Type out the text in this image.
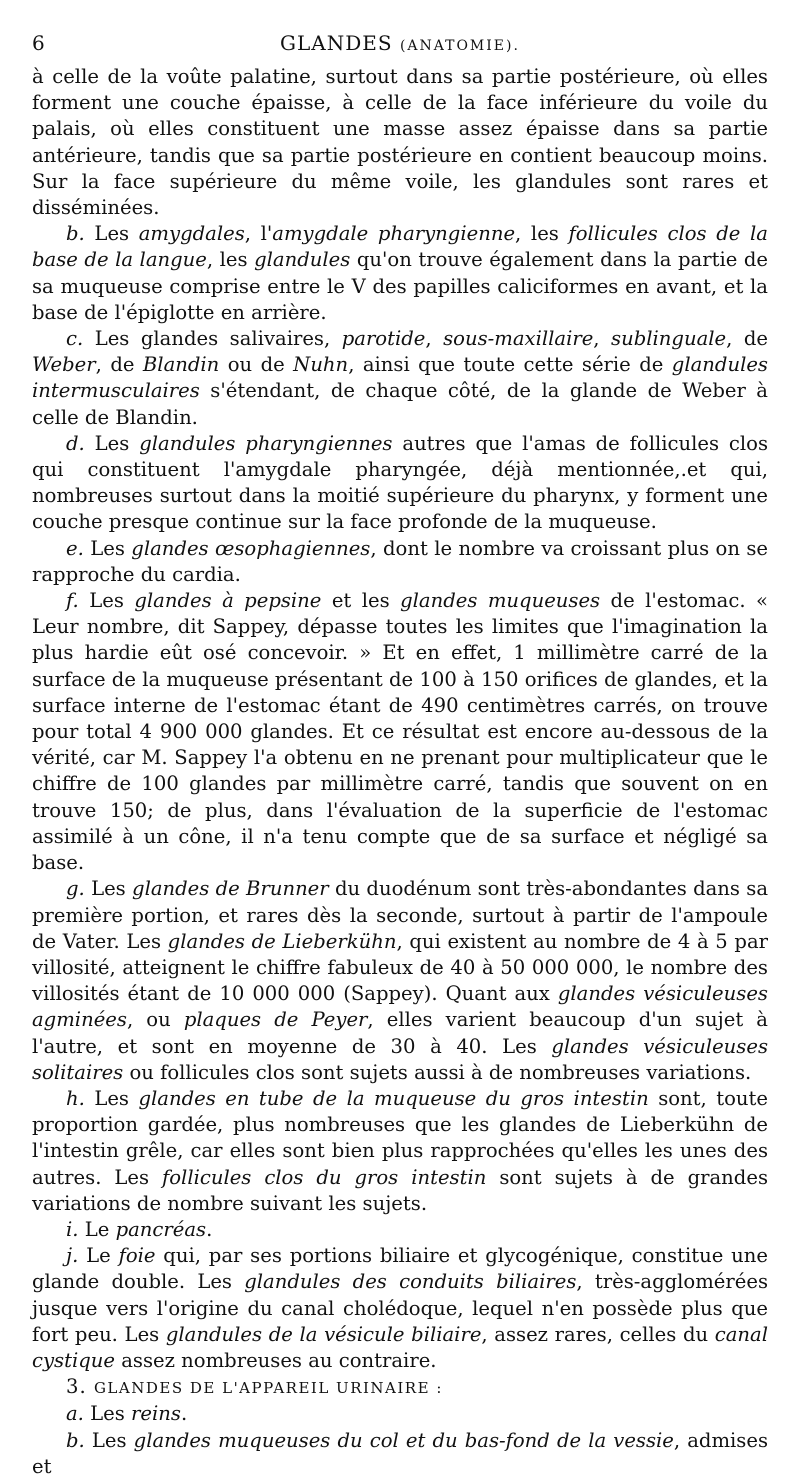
6	GLANDES (ANATOMIE).

à celle de la voûte palatine, surtout dans sa partie postérieure, où elles forment une couche épaisse, à celle de la face inférieure du voile du palais, où elles constituent une masse assez épaisse dans sa partie antérieure, tandis que sa partie postérieure en contient beaucoup moins. Sur la face supérieure du même voile, les glandules sont rares et disséminées.

b. Les amygdales, l'amygdale pharyngienne, les follicules clos de la base de la langue, les glandules qu'on trouve également dans la partie de sa muqueuse comprise entre le V des papilles caliciformes en avant, et la base de l'épiglotte en arrière.

c. Les glandes salivaires, parotide, sous-maxillaire, sublinguale, de Weber, de Blandin ou de Nuhn, ainsi que toute cette série de glandules intermusculaires s'étendant, de chaque côté, de la glande de Weber à celle de Blandin.

d. Les glandules pharyngiennes autres que l'amas de follicules clos qui constituent l'amygdale pharyngée, déjà mentionnée,.et qui, nombreuses surtout dans la moitié supérieure du pharynx, y forment une couche presque continue sur la face profonde de la muqueuse.

e. Les glandes œsophagiennes, dont le nombre va croissant plus on se rapproche du cardia.

f. Les glandes à pepsine et les glandes muqueuses de l'estomac. « Leur nombre, dit Sappey, dépasse toutes les limites que l'imagination la plus hardie eût osé concevoir. » Et en effet, 1 millimètre carré de la surface de la muqueuse présentant de 100 à 150 orifices de glandes, et la surface interne de l'estomac étant de 490 centimètres carrés, on trouve pour total 4 900 000 glandes. Et ce résultat est encore au-dessous de la vérité, car M. Sappey l'a obtenu en ne prenant pour multiplicateur que le chiffre de 100 glandes par millimètre carré, tandis que souvent on en trouve 150; de plus, dans l'évaluation de la superficie de l'estomac assimilé à un cône, il n'a tenu compte que de sa surface et négligé sa base.

g. Les glandes de Brunner du duodénum sont très-abondantes dans sa première portion, et rares dès la seconde, surtout à partir de l'ampoule de Vater. Les glandes de Lieberkühn, qui existent au nombre de 4 à 5 par villosité, atteignent le chiffre fabuleux de 40 à 50 000 000, le nombre des villosités étant de 10 000 000 (Sappey). Quant aux glandes vésiculeuses agminées, ou plaques de Peyer, elles varient beaucoup d'un sujet à l'autre, et sont en moyenne de 30 à 40. Les glandes vésiculeuses solitaires ou follicules clos sont sujets aussi à de nombreuses variations.

h. Les glandes en tube de la muqueuse du gros intestin sont, toute proportion gardée, plus nombreuses que les glandes de Lieberkühn de l'intestin grêle, car elles sont bien plus rapprochées qu'elles les unes des autres. Les follicules clos du gros intestin sont sujets à de grandes variations de nombre suivant les sujets.

i. Le pancréas.

j. Le foie qui, par ses portions biliaire et glycogénique, constitue une glande double. Les glandules des conduits biliaires, très-agglomérées jusque vers l'origine du canal cholédoque, lequel n'en possède plus que fort peu. Les glandules de la vésicule biliaire, assez rares, celles du canal cystique assez nombreuses au contraire.

3. GLANDES DE L'APPAREIL URINAIRE :

a. Les reins.

b. Les glandes muqueuses du col et du bas-fond de la vessie, admises et
